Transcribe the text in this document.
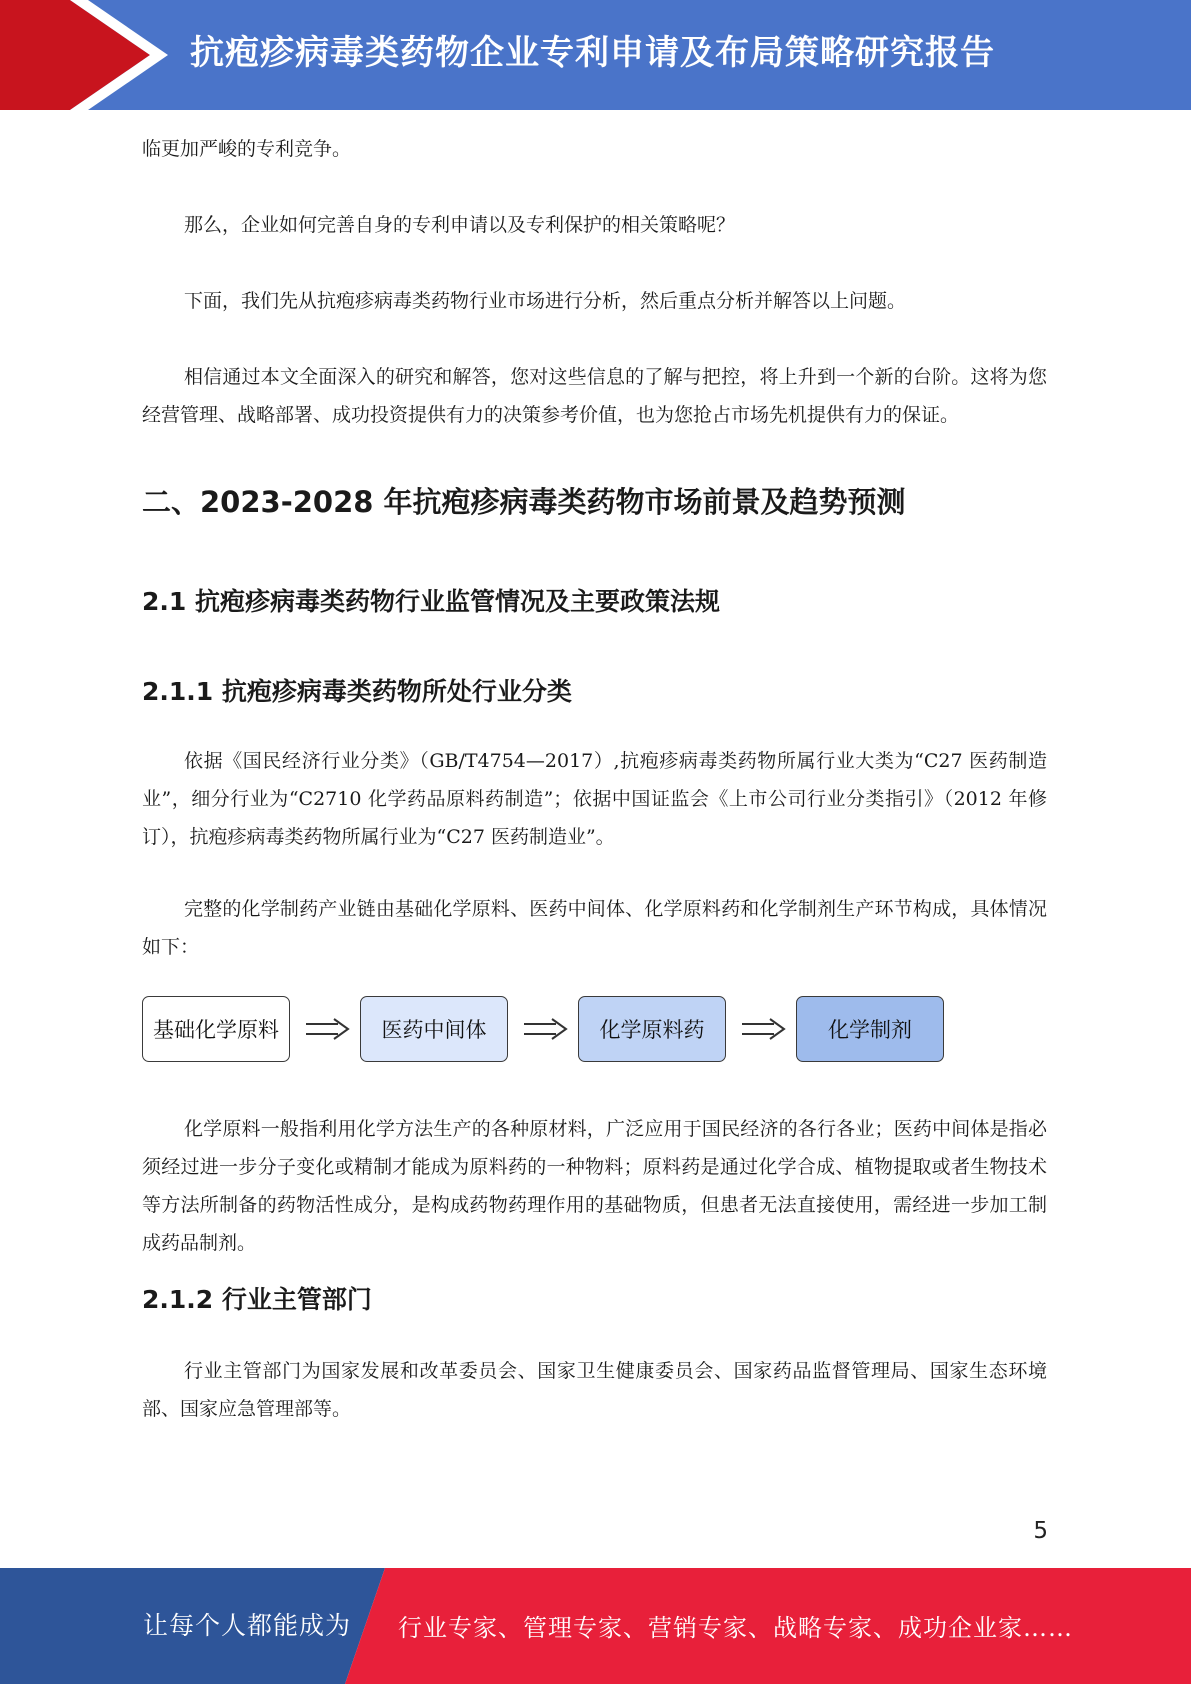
抗疱疹病毒类药物企业专利申请及布局策略研究报告

临更加严峻的专利竞争。

那么，企业如何完善自身的专利申请以及专利保护的相关策略呢？

下面，我们先从抗疱疹病毒类药物行业市场进行分析，然后重点分析并解答以上问题。

相信通过本文全面深入的研究和解答，您对这些信息的了解与把控，将上升到一个新的台阶。这将为您经营管理、战略部署、成功投资提供有力的决策参考价值，也为您抢占市场先机提供有力的保证。

二、2023-2028 年抗疱疹病毒类药物市场前景及趋势预测
2.1 抗疱疹病毒类药物行业监管情况及主要政策法规
2.1.1 抗疱疹病毒类药物所处行业分类

依据《国民经济行业分类》（GB/T4754—2017）,抗疱疹病毒类药物所属行业大类为“C27 医药制造业”，细分行业为“C2710 化学药品原料药制造”；依据中国证监会《上市公司行业分类指引》（2012 年修订），抗疱疹病毒类药物所属行业为“C27 医药制造业”。

完整的化学制药产业链由基础化学原料、医药中间体、化学原料药和化学制剂生产环节构成，具体情况如下：

基础化学原料	医药中间体	化学原料药	化学制剂

化学原料一般指利用化学方法生产的各种原材料，广泛应用于国民经济的各行各业；医药中间体是指必须经过进一步分子变化或精制才能成为原料药的一种物料；原料药是通过化学合成、植物提取或者生物技术等方法所制备的药物活性成分，是构成药物药理作用的基础物质，但患者无法直接使用，需经进一步加工制成药品制剂。

2.1.2 行业主管部门

行业主管部门为国家发展和改革委员会、国家卫生健康委员会、国家药品监督管理局、国家生态环境部、国家应急管理部等。

5
让每个人都能成为 行业专家、管理专家、营销专家、战略专家、成功企业家……
